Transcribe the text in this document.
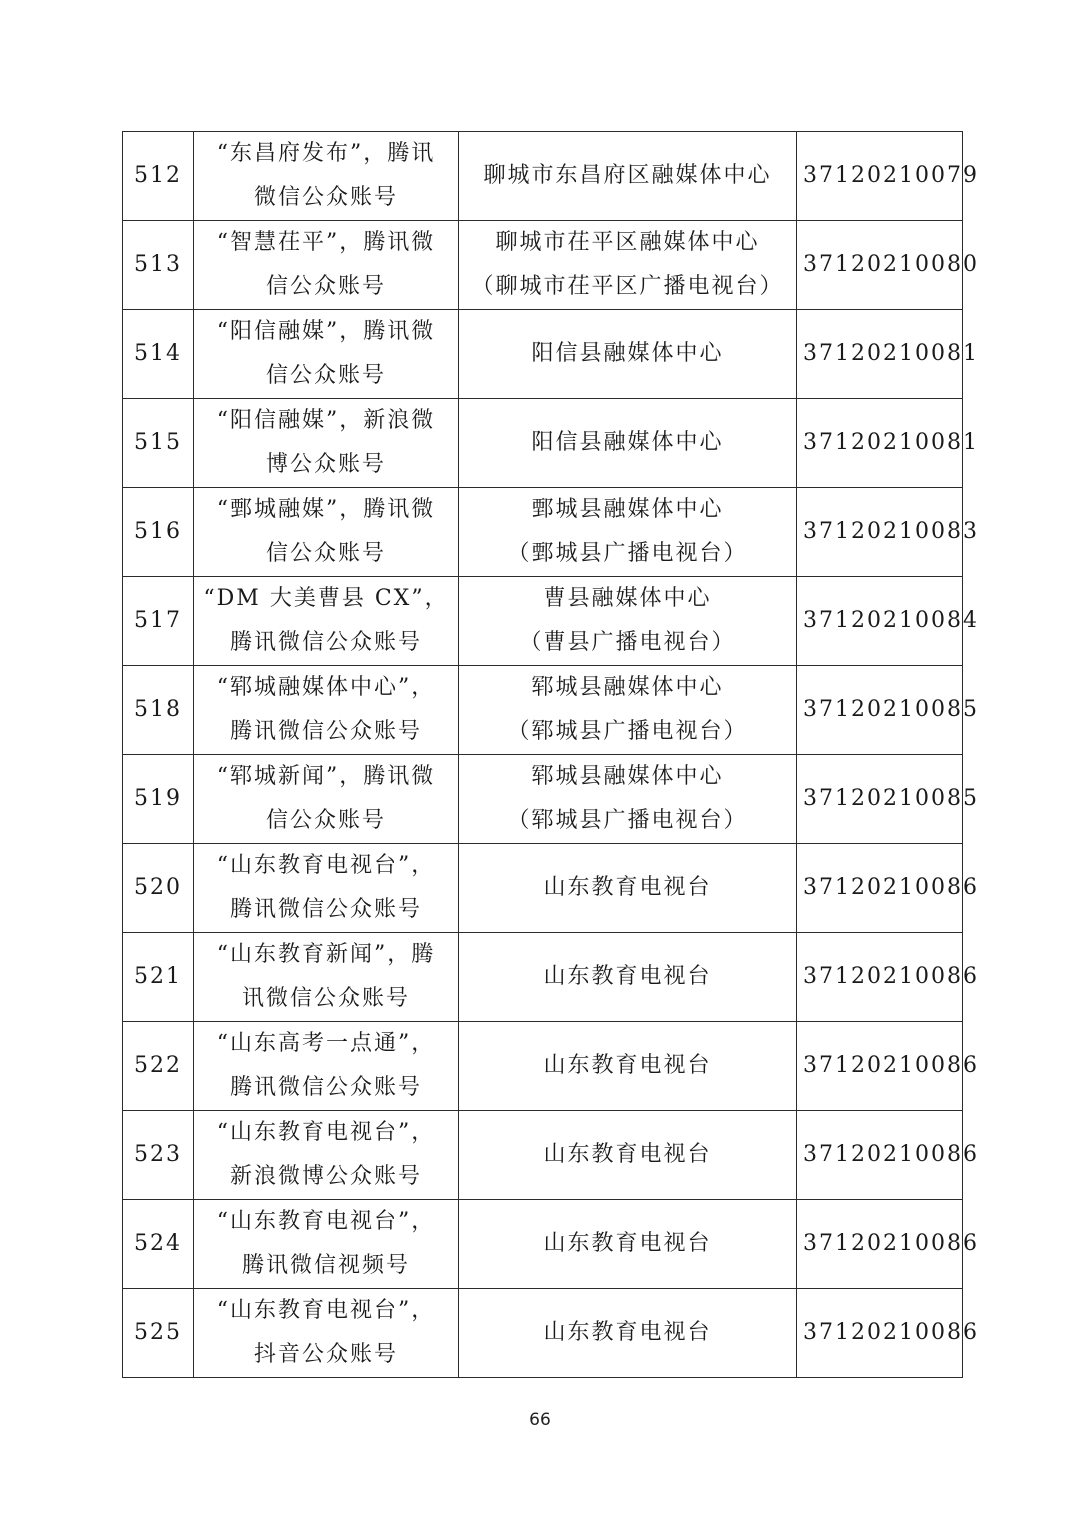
512	“东昌府发布”，腾讯
微信公众账号	聊城市东昌府区融媒体中心	37120210079
513	“智慧茌平”，腾讯微
信公众账号	聊城市茌平区融媒体中心
（聊城市茌平区广播电视台）	37120210080
514	“阳信融媒”，腾讯微
信公众账号	阳信县融媒体中心	37120210081
515	“阳信融媒”，新浪微
博公众账号	阳信县融媒体中心	37120210081
516	“鄄城融媒”，腾讯微
信公众账号	鄄城县融媒体中心
（鄄城县广播电视台）	37120210083
517	“DM 大美曹县 CX”，
腾讯微信公众账号	曹县融媒体中心
（曹县广播电视台）	37120210084
518	“郓城融媒体中心”，
腾讯微信公众账号	郓城县融媒体中心
（郓城县广播电视台）	37120210085
519	“郓城新闻”，腾讯微
信公众账号	郓城县融媒体中心
（郓城县广播电视台）	37120210085
520	“山东教育电视台”，
腾讯微信公众账号	山东教育电视台	37120210086
521	“山东教育新闻”，腾
讯微信公众账号	山东教育电视台	37120210086
522	“山东高考一点通”，
腾讯微信公众账号	山东教育电视台	37120210086
523	“山东教育电视台”，
新浪微博公众账号	山东教育电视台	37120210086
524	“山东教育电视台”，
腾讯微信视频号	山东教育电视台	37120210086
525	“山东教育电视台”，
抖音公众账号	山东教育电视台	37120210086
66
